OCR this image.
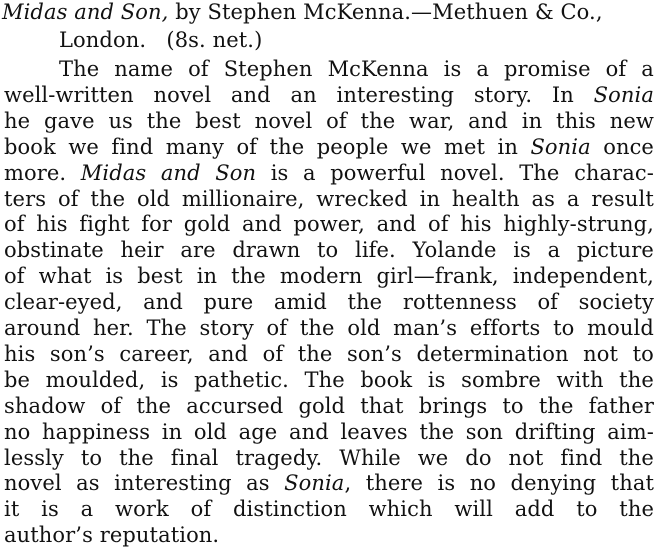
Midas and Son, by Stephen McKenna.—Methuen & Co.,
London.   (8s. net.)
The name of Stephen McKenna is a promise of a
well-written novel and an interesting story. In Sonia
he gave us the best novel of the war, and in this new
book we find many of the people we met in Sonia once
more. Midas and Son is a powerful novel. The charac-
ters of the old millionaire, wrecked in health as a result
of his fight for gold and power, and of his highly-strung,
obstinate heir are drawn to life. Yolande is a picture
of what is best in the modern girl—frank, independent,
clear-eyed, and pure amid the rottenness of society
around her. The story of the old man’s efforts to mould
his son’s career, and of the son’s determination not to
be moulded, is pathetic. The book is sombre with the
shadow of the accursed gold that brings to the father
no happiness in old age and leaves the son drifting aim-
lessly to the final tragedy. While we do not find the
novel as interesting as Sonia, there is no denying that
it is a work of distinction which will add to the
author’s reputation.
